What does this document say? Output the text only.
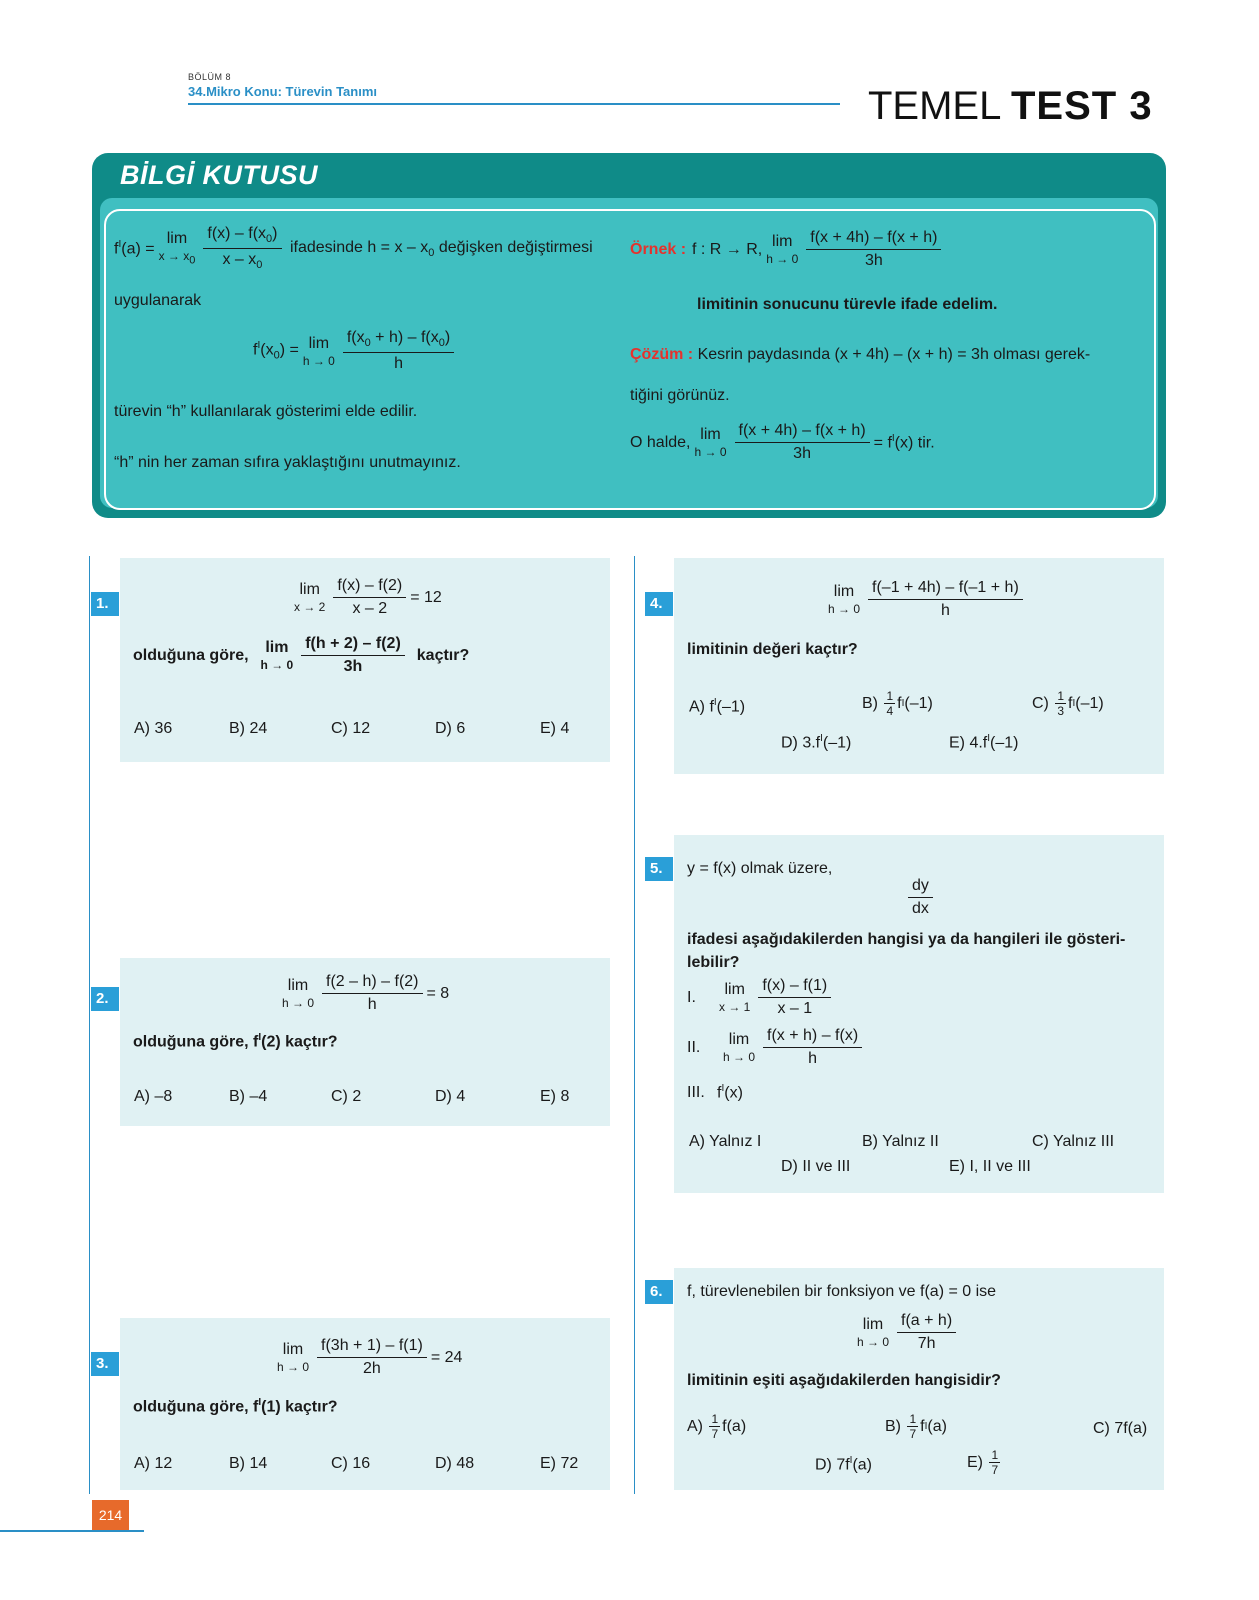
BÖLÜM 8
34.Mikro Konu: Türevin Tanımı	TEMEL TEST 3
BİLGİ KUTUSU
$f^I(a)$ =
lim
$x \to x_0 \frac{f(x) - f(x_0)}{x - x_0}$ ifadesinde $h = x - x_0$ değişken değiştirmesi
uygulanarak
$f^I(x_0) = \lim$
$h \to 0 \frac{f(x_0 + h) - f(x_0)}{h}$
türevin “h” kullanılarak gösterimi elde edilir.
“h” nin her zaman sıfıra yaklaştığını unutmayınız.
Örnek : f : R → R, lim
$h \to 0 \frac{f(x + 4h) - f(x + h)}{3h}$
limitinin sonucunu türevle ifade edelim.
Çözüm : Kesrin paydasında (x + 4h) – (x + h) = 3h olması gerek-
tiğini görünüz.
O halde, lim
$h \to 0 \frac{f(x + 4h) - f(x + h)}{3h} = f^I(x)$ tir.
1.
lim
$x \to 2 \frac{f(x) - f(2)}{x - 2} = 12$
olduğuna göre, lim
$h \to 0 \frac{f(h + 2) - f(2)}{3h}$ kaçtır?
A) 36	B) 24	C) 12	D) 6	E) 4
2.
lim
$h \to 0 \frac{f(2 - h) - f(2)}{h} = 8$
olduğuna göre, $f^I(2)$ kaçtır?
A) –8	B) –4	C) 2	D) 4	E) 8
3.
lim
$h \to 0 \frac{f(3h + 1) - f(1)}{2h} = 24$
olduğuna göre, $f^I(1)$ kaçtır?
A) 12	B) 14	C) 16	D) 48	E) 72
4.
lim
$h \to 0 \frac{f(-1 + 4h) - f(-1 + h)}{h}$
limitinin değeri kaçtır?
A) $f^I(-1)$	B)
$\frac{1}{4}$ f I (–1)	C)
$\frac{1}{3}$ f I (–1)
D) $3.f^I(-1)$	E) $4.f^I(-1)$
5.	y = f(x) olmak üzere,
$\frac{dy}{dx}$
ifadesi aşağıdakilerden hangisi ya da hangileri ile gösteri-
lebilir?
I.	lim
$x \to 1 \frac{f(x) - f(1)}{x - 1}$
II.	lim
$h \to 0 \frac{f(x + h) - f(x)}{h}$
III. $f^I(x)$
A) Yalnız I	B) Yalnız II	C) Yalnız III
D) II ve III	E) I, II ve III
6.	f, türevlenebilen bir fonksiyon ve f(a) = 0 ise
lim
$h \to 0 \frac{f(a + h)}{7h}$
limitinin eşiti aşağıdakilerden hangisidir?
A)
$\frac{1}{7} f(a)$	B)
$\frac{1}{7}$ f I (a)	C) 7f(a)
D) $7f^I(a)$	E)
$\frac{1}{7}$
214
